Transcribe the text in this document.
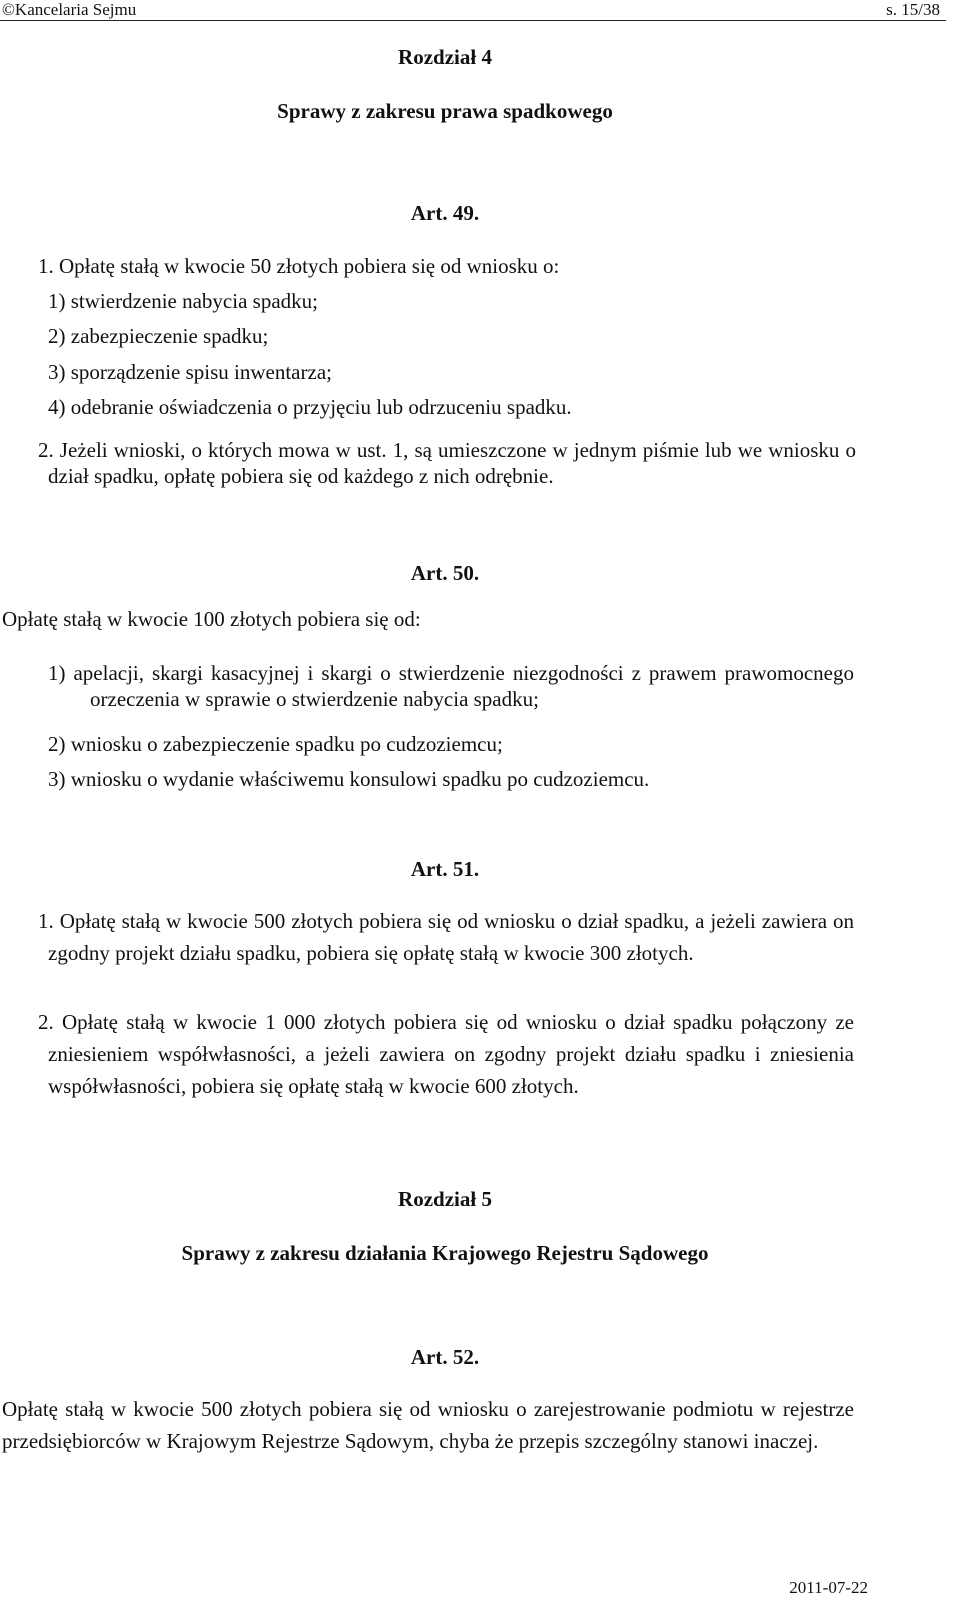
©Kancelaria Sejmu	s. 15/38
Rozdział 4
Sprawy z zakresu prawa spadkowego
Art. 49.
1. Opłatę stałą w kwocie 50 złotych pobiera się od wniosku o:
1) stwierdzenie nabycia spadku;
2) zabezpieczenie spadku;
3) sporządzenie spisu inwentarza;
4) odebranie oświadczenia o przyjęciu lub odrzuceniu spadku.
2. Jeżeli wnioski, o których mowa w ust. 1, są umieszczone w jednym piśmie lub we wniosku o dział spadku, opłatę pobiera się od każdego z nich odrębnie.
Art. 50.
Opłatę stałą w kwocie 100 złotych pobiera się od:
1) apelacji, skargi kasacyjnej i skargi o stwierdzenie niezgodności z prawem prawomocnego orzeczenia w sprawie o stwierdzenie nabycia spadku;
2) wniosku o zabezpieczenie spadku po cudzoziemcu;
3) wniosku o wydanie właściwemu konsulowi spadku po cudzoziemcu.
Art. 51.
1. Opłatę stałą w kwocie 500 złotych pobiera się od wniosku o dział spadku, a jeżeli zawiera on zgodny projekt działu spadku, pobiera się opłatę stałą w kwocie 300 złotych.
2. Opłatę stałą w kwocie 1 000 złotych pobiera się od wniosku o dział spadku połączony ze zniesieniem współwłasności, a jeżeli zawiera on zgodny projekt działu spadku i zniesienia współwłasności, pobiera się opłatę stałą w kwocie 600 złotych.
Rozdział 5
Sprawy z zakresu działania Krajowego Rejestru Sądowego
Art. 52.
Opłatę stałą w kwocie 500 złotych pobiera się od wniosku o zarejestrowanie podmiotu w rejestrze przedsiębiorców w Krajowym Rejestrze Sądowym, chyba że przepis szczególny stanowi inaczej.
2011-07-22
